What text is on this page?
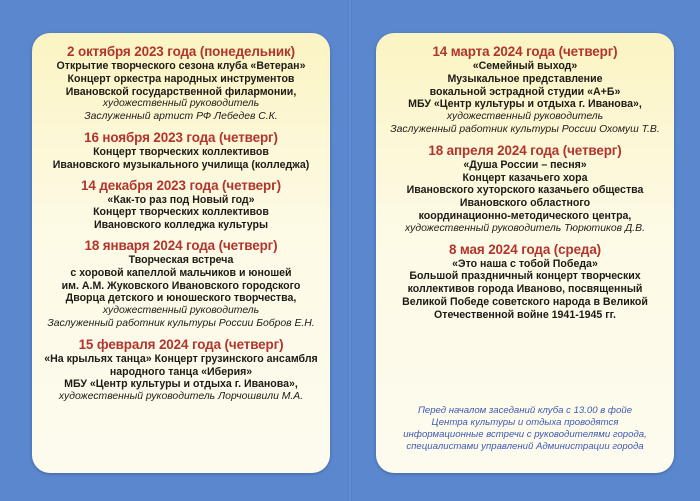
2 октября 2023 года (понедельник)
Открытие творческого сезона клуба «Ветеран»
Концерт оркестра народных инструментов
Ивановской государственной филармонии,
художественный руководитель
Заслуженный артист РФ Лебедев С.К.
16 ноября 2023 года (четверг)
Концерт творческих коллективов
Ивановского музыкального училища (колледжа)
14 декабря 2023 года (четверг)
«Как-то раз под Новый год»
Концерт творческих коллективов
Ивановского колледжа культуры
18 января 2024 года (четверг)
Творческая встреча
с хоровой капеллой мальчиков и юношей
им. А.М. Жуковского Ивановского городского
Дворца детского и юношеского творчества,
художественный руководитель
Заслуженный работник культуры России Бобров Е.Н.
15 февраля 2024 года (четверг)
«На крыльях танца» Концерт грузинского ансамбля
народного танца «Иберия»
МБУ «Центр культуры и отдыха г. Иванова»,
художественный руководитель Лорчошвили М.А.
14 марта 2024 года (четверг)
«Семейный выход»
Музыкальное представление
вокальной эстрадной студии «А+Б»
МБУ «Центр культуры и отдыха г. Иванова»,
художественный руководитель
Заслуженный работник культуры России Охомуш Т.В.
18 апреля 2024 года (четверг)
«Душа России – песня»
Концерт казачьего хора
Ивановского хуторского казачьего общества
Ивановского областного
координационно-методического центра,
художественный руководитель Тюрютиков Д.В.
8 мая 2024 года (среда)
«Это наша с тобой Победа»
Большой праздничный концерт творческих
коллективов города Иваново, посвященный
Великой Победе советского народа в Великой
Отечественной войне 1941-1945 гг.
Перед началом заседаний клуба с 13.00 в фойе
Центра культуры и отдыха проводятся
информационные встречи с руководителями города,
специалистами управлений Администрации города
